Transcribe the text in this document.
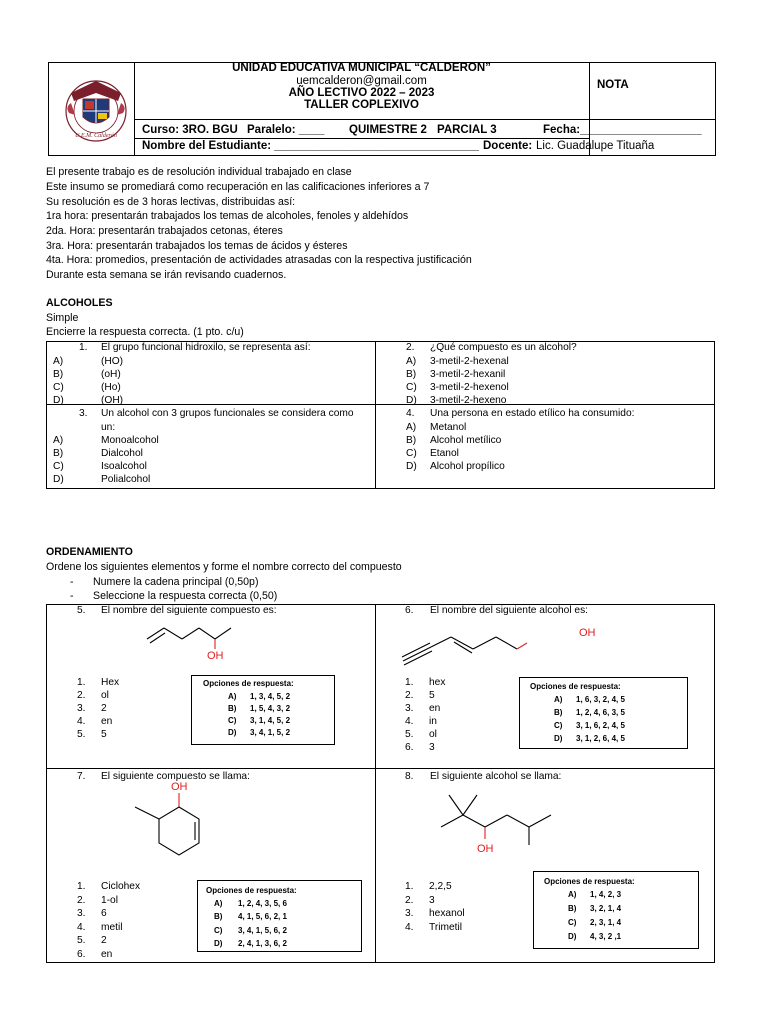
U.E.M. Calderón
UNIDAD EDUCATIVA MUNICIPAL “CALDERON”
uemcalderon@gmail.com
AÑO LECTIVO 2022 – 2023
TALLER COPLEXIVO
NOTA
Curso: 3RO. BGU Paralelo: ____ QUIMESTRE 2 PARCIAL 3	Fecha:___________________
Nombre del Estudiante: ________________________________ Docente: Lic. Guadalupe Tituaña
El presente trabajo es de resolución individual trabajado en clase
Este insumo se promediará como recuperación en las calificaciones inferiores a 7
Su resolución es de 3 horas lectivas, distribuidas así:
1ra hora: presentarán trabajados los temas de alcoholes, fenoles y aldehídos
2da. Hora: presentarán trabajados cetonas, éteres
3ra. Hora: presentarán trabajados los temas de ácidos y ésteres
4ta. Hora: promedios, presentación de actividades atrasadas con la respectiva justificación
Durante esta semana se irán revisando cuadernos.
ALCOHOLES
Simple
Encierre la respuesta correcta. (1 pto. c/u)
1. El grupo funcional hidroxilo, se representa así:
A)	(HO)
B)	(oH)
C)	(Ho)
D)	(OH)
2. ¿Qué compuesto es un alcohol?
A) 3-metil-2-hexenal
B) 3-metil-2-hexanil
C) 3-metil-2-hexenol
D) 3-metil-2-hexeno
3. Un alcohol con 3 grupos funcionales se considera como
un:
A)	Monoalcohol
B)	Dialcohol
C)	Isoalcohol
D)	Polialcohol
4. Una persona en estado etílico ha consumido:
A) Metanol
B) Alcohol metílico
C) Etanol
D) Alcohol propílico
ORDENAMIENTO
Ordene los siguientes elementos y forme el nombre correcto del compuesto
- Numere la cadena principal (0,50p)
- Seleccione la respuesta correcta (0,50)
5. El nombre del siguiente compuesto es:
OH
1. Hex
2. ol
3. 2
4. en
5. 5
Opciones de respuesta:
A) 1, 3, 4, 5, 2
B) 1, 5, 4, 3, 2
C) 3, 1, 4, 5, 2
D) 3, 4, 1, 5, 2
6. El nombre del siguiente alcohol es:
OH
1. hex
2. 5
3. en
4. in
5. ol
6. 3
Opciones de respuesta:
A) 1, 6, 3, 2, 4, 5
B) 1, 2, 4, 6, 3, 5
C) 3, 1, 6, 2, 4, 5
D) 3, 1, 2, 6, 4, 5
7. El siguiente compuesto se llama:
OH
1. Ciclohex
2. 1-ol
3. 6
4. metil
5. 2
6. en
Opciones de respuesta:
A) 1, 2, 4, 3, 5, 6
B) 4, 1, 5, 6, 2, 1
C) 3, 4, 1, 5, 6, 2
D) 2, 4, 1, 3, 6, 2
8. El siguiente alcohol se llama:
OH
1. 2,2,5
2. 3
3. hexanol
4. Trimetil
Opciones de respuesta:
A) 1, 4, 2, 3
B) 3, 2, 1, 4
C) 2, 3, 1, 4
D) 4, 3, 2 ,1
